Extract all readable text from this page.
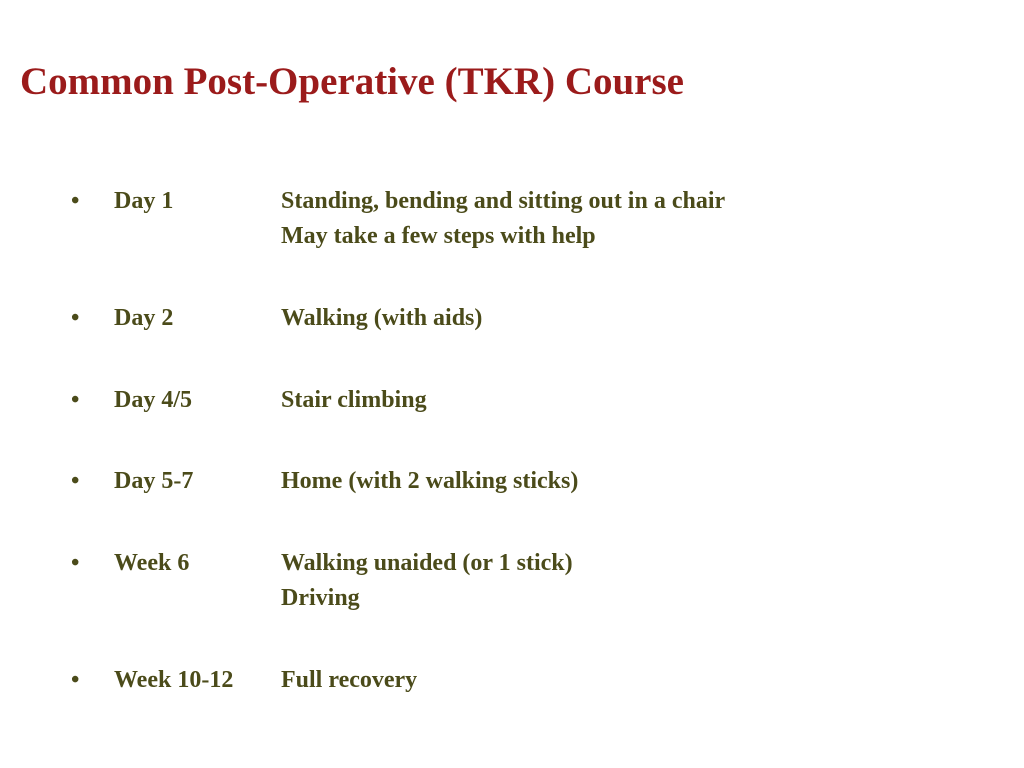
Common Post-Operative (TKR) Course
• Day 1	Standing, bending and sitting out in a chair
May take a few steps with help
• Day 2	Walking (with aids)
• Day 4/5	Stair climbing
• Day 5-7	Home (with 2 walking sticks)
• Week 6	Walking unaided (or 1 stick)
Driving
• Week 10-12 Full recovery
